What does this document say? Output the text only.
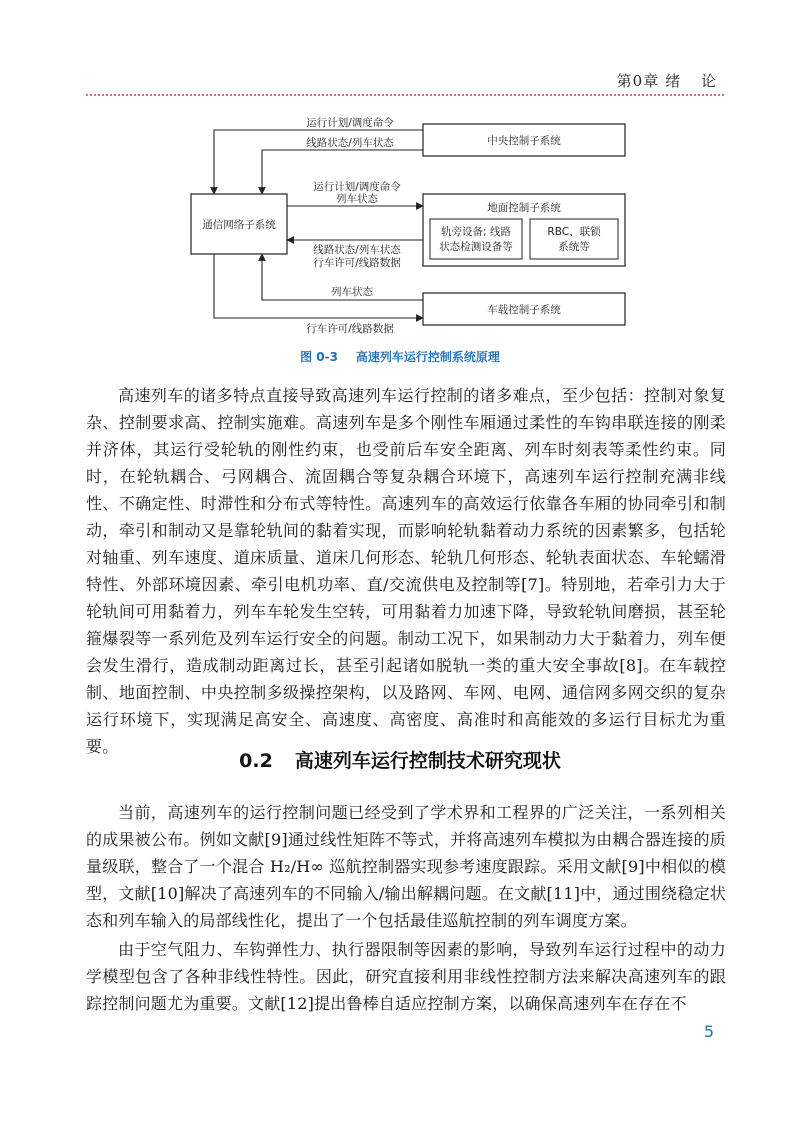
第0章 绪 论
通信网络子系统
中央控制子系统
地面控制子系统
轨旁设备; 线路
状态检测设备等
RBC、联锁
系统等
车载控制子系统
运行计划/调度命令
线路状态/列车状态
运行计划/调度命令
列车状态
线路状态/列车状态
行车许可/线路数据
列车状态
行车许可/线路数据
图 0-3 高速列车运行控制系统原理

高速列车的诸多特点直接导致高速列车运行控制的诸多难点，至少包括：控制对象复杂、控制要求高、控制实施难。高速列车是多个刚性车厢通过柔性的车钩串联连接的刚柔并济体，其运行受轮轨的刚性约束，也受前后车安全距离、列车时刻表等柔性约束。同时，在轮轨耦合、弓网耦合、流固耦合等复杂耦合环境下，高速列车运行控制充满非线性、不确定性、时滞性和分布式等特性。高速列车的高效运行依靠各车厢的协同牵引和制动，牵引和制动又是靠轮轨间的黏着实现，而影响轮轨黏着动力系统的因素繁多，包括轮对轴重、列车速度、道床质量、道床几何形态、轮轨几何形态、轮轨表面状态、车轮蠕滑特性、外部环境因素、牵引电机功率、直/交流供电及控制等[7]。特别地，若牵引力大于轮轨间可用黏着力，列车车轮发生空转，可用黏着力加速下降，导致轮轨间磨损，甚至轮箍爆裂等一系列危及列车运行安全的问题。制动工况下，如果制动力大于黏着力，列车便会发生滑行，造成制动距离过长，甚至引起诸如脱轨一类的重大安全事故[8]。在车载控制、地面控制、中央控制多级操控架构，以及路网、车网、电网、通信网多网交织的复杂运行环境下，实现满足高安全、高速度、高密度、高准时和高能效的多运行目标尤为重要。

0.2 高速列车运行控制技术研究现状

当前，高速列车的运行控制问题已经受到了学术界和工程界的广泛关注，一系列相关的成果被公布。例如文献[9]通过线性矩阵不等式，并将高速列车模拟为由耦合器连接的质量级联，整合了一个混合 H₂/H∞ 巡航控制器实现参考速度跟踪。采用文献[9]中相似的模型，文献[10]解决了高速列车的不同输入/输出解耦问题。在文献[11]中，通过围绕稳定状态和列车输入的局部线性化，提出了一个包括最佳巡航控制的列车调度方案。

由于空气阻力、车钩弹性力、执行器限制等因素的影响，导致列车运行过程中的动力学模型包含了各种非线性特性。因此，研究直接利用非线性控制方法来解决高速列车的跟踪控制问题尤为重要。文献[12]提出鲁棒自适应控制方案，以确保高速列车在存在不

5
